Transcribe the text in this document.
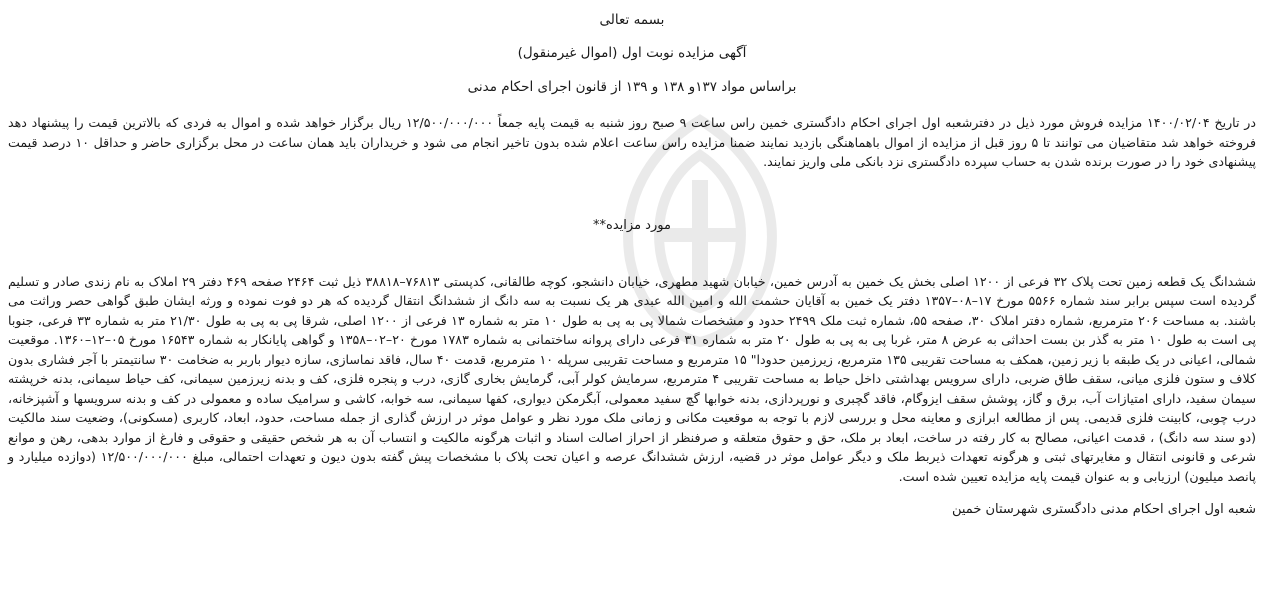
بسمه تعالی

آگهی مزایده نوبت اول (اموال غیرمنقول)

براساس مواد ۱۳۷و ۱۳۸ و ۱۳۹ از قانون اجرای احکام مدنی

در تاریخ ۱۴۰۰/۰۲/۰۴ مزایده فروش مورد ذیل در دفترشعبه اول اجرای احکام دادگستری خمین راس ساعت ۹ صبح روز شنبه به قیمت پایه جمعاً ۱۲/۵۰۰/۰۰۰/۰۰۰ ریال برگزار خواهد شده و اموال به فردی که بالاترین قیمت را پیشنهاد دهد فروخته خواهد شد متقاضیان می توانند تا ۵ روز قبل از مزایده از اموال باهماهنگی بازدید نمایند ضمنا مزایده راس ساعت اعلام شده بدون تاخیر انجام می شود و خریداران باید همان ساعت در محل برگزاری حاضر و حداقل ۱۰ درصد قیمت پیشنهادی خود را در صورت برنده شدن به حساب سپرده دادگستری نزد بانکی ملی واریز نمایند.

مورد مزایده**

ششدانگ یک قطعه زمین تحت پلاک ۳۲ فرعی از ۱۲۰۰ اصلی بخش یک خمین به آدرس خمین، خیابان شهید مطهری، خیابان دانشجو، کوچه طالقانی، کدپستی ۷۶۸۱۳–۳۸۸۱۸ ذیل ثبت ۲۴۶۴ صفحه ۴۶۹ دفتر ۲۹ املاک به نام زندی صادر و تسلیم گردیده است سپس برابر سند شماره ۵۵۶۶ مورخ ۱۷–۰۸–۱۳۵۷ دفتر یک خمین به آقایان حشمت الله و امین الله عبدی هر یک نسبت به سه دانگ از ششدانگ انتقال گردیده که هر دو فوت نموده و ورثه ایشان طبق گواهی حصر وراثت می باشند. به مساحت ۲۰۶ مترمربع، شماره دفتر املاک ۳۰، صفحه ۵۵، شماره ثبت ملک ۲۴۹۹ حدود و مشخصات شمالا پی به پی به طول ۱۰ متر به شماره ۱۳ فرعی از ۱۲۰۰ اصلی، شرقا پی به پی به طول ۲۱/۳۰ متر به شماره ۳۳ فرعی، جنوبا پی است به طول ۱۰ متر به گذر بن بست احداثی به عرض ۸ متر، غربا پی به پی به طول ۲۰ متر به شماره ۳۱ فرعی دارای پروانه ساختمانی به شماره ۱۷۸۳ مورخ ۲۰–۰۲–۱۳۵۸ و گواهی پایانکار به شماره ۱۶۵۴۳ مورخ ۰۵–۱۲–۱۳۶۰. موقعیت شمالی، اعیانی در یک طبقه با زیر زمین، همکف به مساحت تقریبی ۱۳۵ مترمربع، زیرزمین حدودا" ۱۵ مترمربع و مساحت تقریبی سرپله ۱۰ مترمربع، قدمت ۴۰ سال، فاقد نماسازی، سازه دیوار باربر به ضخامت ۳۰ سانتیمتر با آجر فشاری بدون کلاف و ستون فلزی میانی، سقف طاق ضربی، دارای سرویس بهداشتی داخل حیاط به مساحت تقریبی ۴ مترمربع، سرمایش کولر آبی، گرمایش بخاری گازی، درب و پنجره فلزی، کف و بدنه زیرزمین سیمانی، کف حیاط سیمانی، بدنه خرپشته سیمان سفید، دارای امتیازات آب، برق و گاز، پوشش سقف ایزوگام، فاقد گچبری و نورپردازی، بدنه خوابها گچ سفید معمولی، آبگرمکن دیواری، کفها سیمانی، سه خوابه، کاشی و سرامیک ساده و معمولی در کف و بدنه سرویسها و آشپزخانه، درب چوبی، کابینت فلزی قدیمی. پس از مطالعه ابرازی و معاینه محل و بررسی لازم با توجه به موقعیت مکانی و زمانی ملک مورد نظر و عوامل موثر در ارزش گذاری از جمله مساحت، حدود، ابعاد، کاربری (مسکونی)، وضعیت سند مالکیت (دو سند سه دانگ) ، قدمت اعیانی، مصالح به کار رفته در ساخت، ابعاد بر ملک، حق و حقوق متعلقه و صرفنظر از احراز اصالت اسناد و اثبات هرگونه مالکیت و انتساب آن به هر شخص حقیقی و حقوقی و فارغ از موارد بدهی، رهن و موانع شرعی و قانونی انتقال و مغایرتهای ثبتی و هرگونه تعهدات ذیربط ملک و دیگر عوامل موثر در قضیه، ارزش ششدانگ عرصه و اعیان تحت پلاک با مشخصات پیش گفته بدون دیون و تعهدات احتمالی، مبلغ ۱۲/۵۰۰/۰۰۰/۰۰۰ (دوازده میلیارد و پانصد میلیون) ارزیابی و به عنوان قیمت پایه مزایده تعیین شده است.

شعبه اول اجرای احکام مدنی دادگستری شهرستان خمین
